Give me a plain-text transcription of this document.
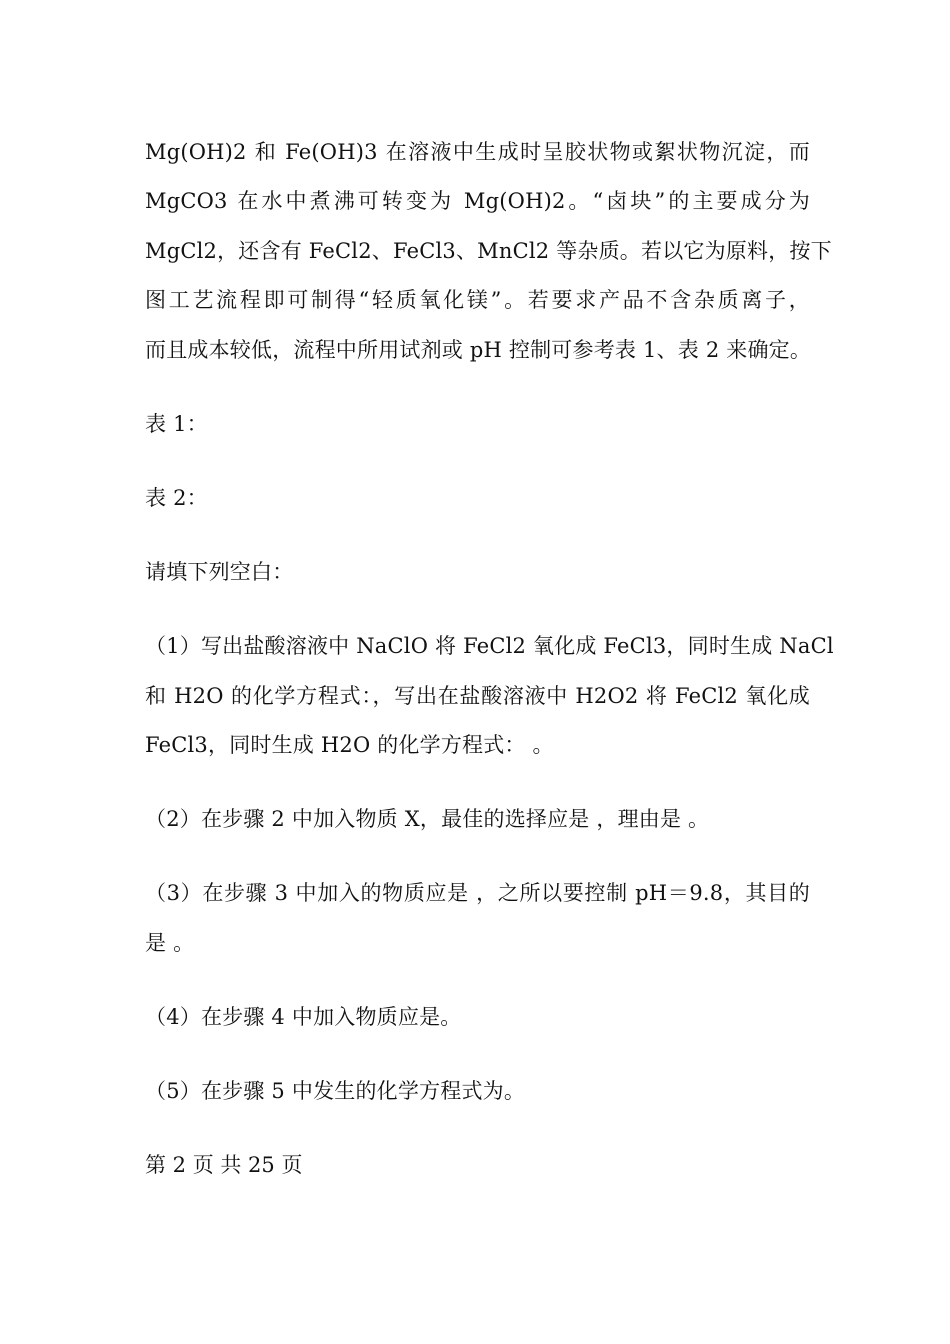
Mg(OH)2 和 Fe(OH)3 在溶液中生成时呈胶状物或絮状物沉淀，而
MgCO3 在水中煮沸可转变为 Mg(OH)2。“卤块”的主要成分为
MgCl2，还含有 FeCl2、FeCl3、MnCl2 等杂质。若以它为原料，按下
图工艺流程即可制得“轻质氧化镁”。若要求产品不含杂质离子，
而且成本较低，流程中所用试剂或 pH 控制可参考表 1、表 2 来确定。
表 1：
表 2：
请填下列空白：
（1）写出盐酸溶液中 NaClO 将 FeCl2 氧化成 FeCl3，同时生成 NaCl
和 H2O 的化学方程式：，写出在盐酸溶液中 H2O2 将 FeCl2 氧化成
FeCl3，同时生成 H2O 的化学方程式： 。
（2）在步骤 2 中加入物质 X，最佳的选择应是 ，理由是 。
（3）在步骤 3 中加入的物质应是 ，之所以要控制 pH＝9.8，其目的
是 。
（4）在步骤 4 中加入物质应是。
（5）在步骤 5 中发生的化学方程式为。
第 2 页 共 25 页
